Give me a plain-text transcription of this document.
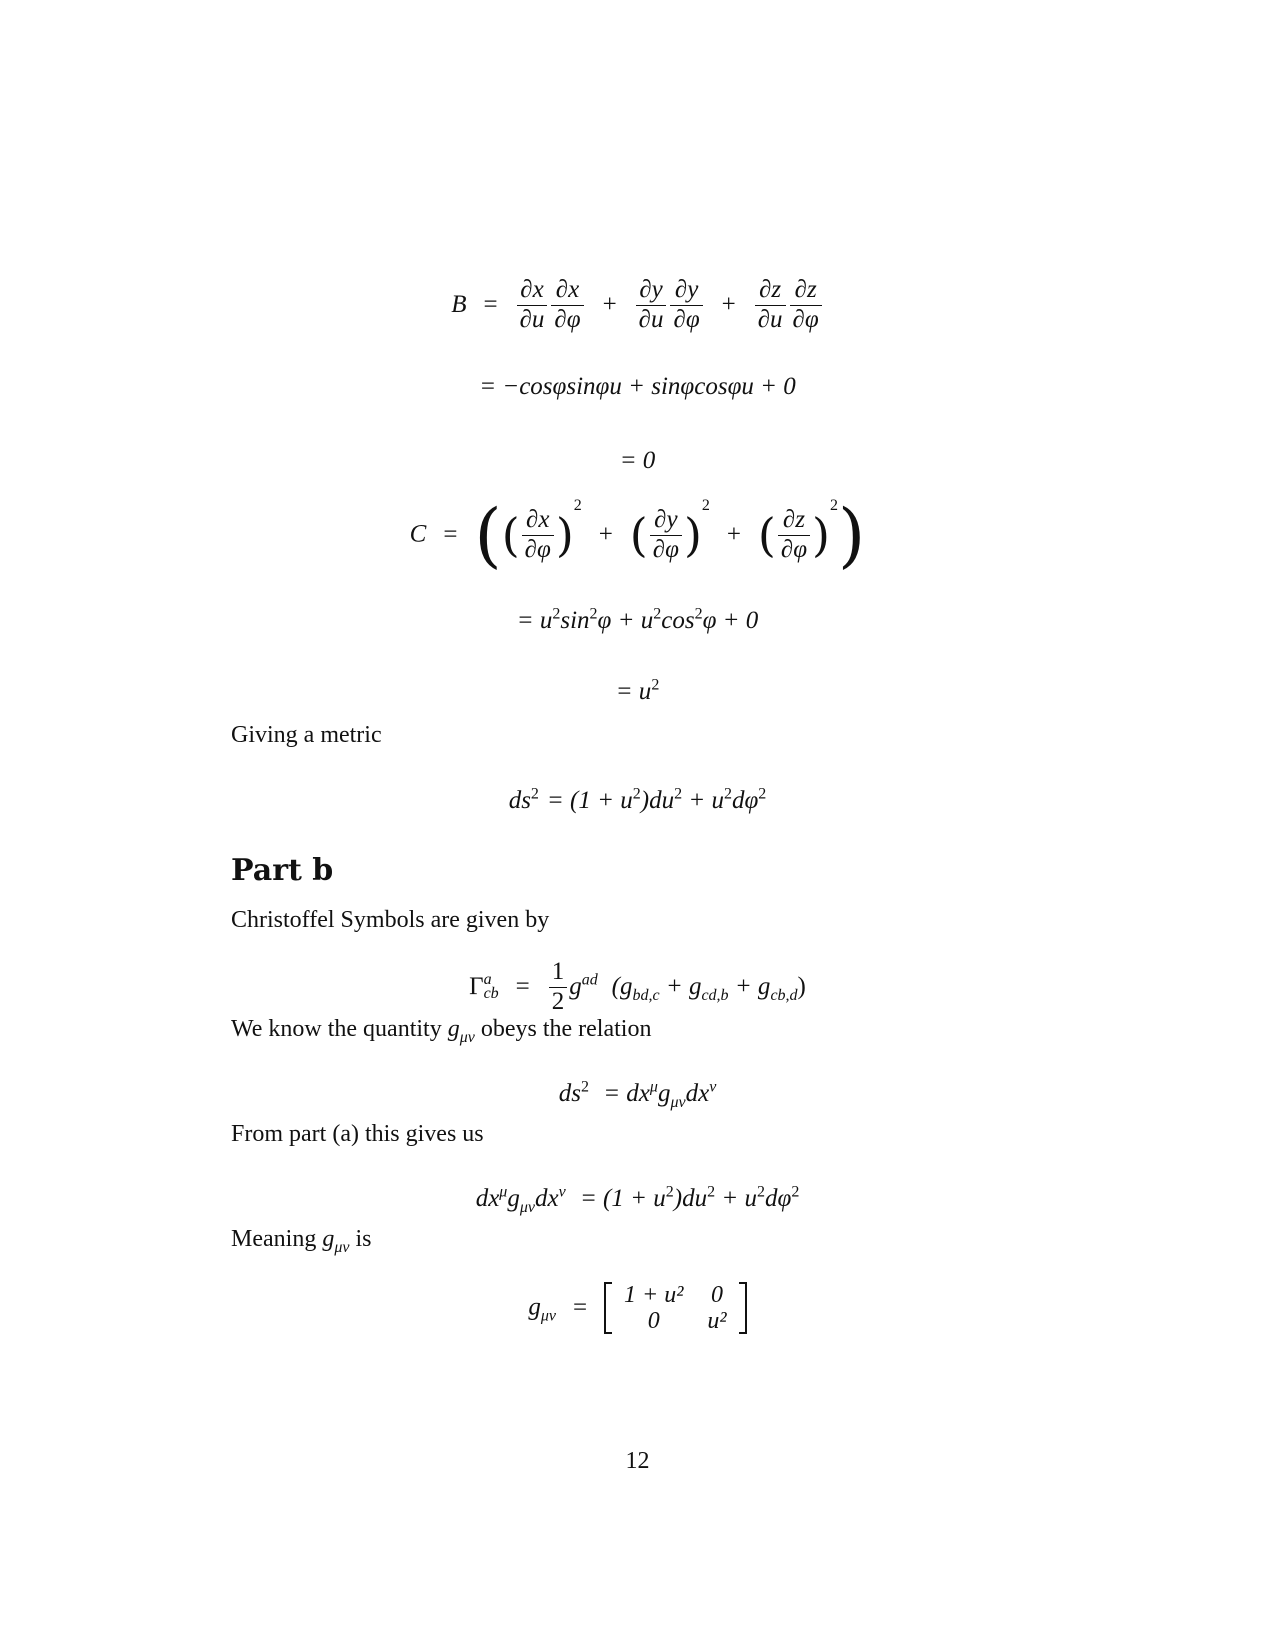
$B = \frac{\partial x}{\partial u} \frac{\partial x}{\partial\varphi} + \frac{\partial y}{\partial u} \frac{\partial y}{\partial\varphi} + \frac{\partial z}{\partial u} \frac{\partial z}{\partial\varphi}$
= −cosφsinφu + sinφcosφu + 0
= 0
C = (( $\frac{\partial x}{\partial\varphi} )^2$ + ( $\frac{\partial y}{\partial\varphi} )^2$ + ( $\frac{\partial z}{\partial\varphi} )^2$)
= $u^2\sin^2\varphi + u^2\cos^2\varphi + 0$
= $u^2$
Giving a metric
$ds^2 = (1 + u^2)du^2 + u^2d\varphi^2$
Part b
Christoffel Symbols are given by
Γ a
cb = $\frac{1}{2} g^{ad}$ $(g_{bd,c} + g_{cd,b} + g_{cb,d})$
We know the quantity $g_{\mu\nu}$ obeys the relation
$ds^2 = dx^\mu g_{\mu\nu}dx^\nu$
From part (a) this gives us
$dx^\mu g_{\mu\nu}dx^\nu = (1 + u^2)du^2 + u^2d\varphi^2$
Meaning $g_{\mu\nu}$ is
$g_{\mu\nu} = 1 + u^2$	0
0	u²
12
